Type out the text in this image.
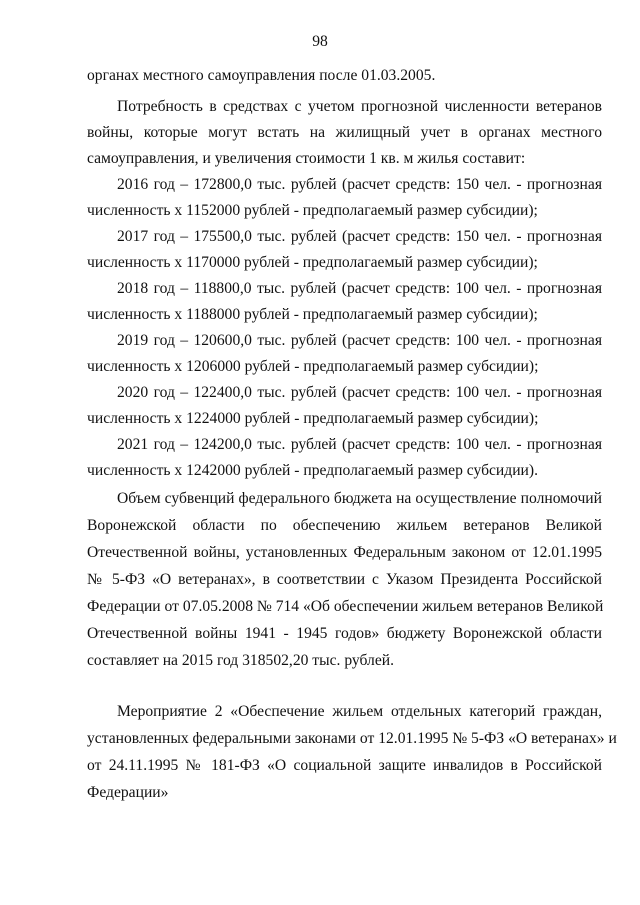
98
органах местного самоуправления после 01.03.2005.
Потребность в средствах с учетом прогнозной численности ветеранов
войны, которые могут встать на жилищный учет в органах местного
самоуправления, и увеличения стоимости 1 кв. м жилья составит:
2016 год – 172800,0 тыс. рублей (расчет средств: 150 чел. - прогнозная
численность х 1152000 рублей - предполагаемый размер субсидии);
2017 год – 175500,0 тыс. рублей (расчет средств: 150 чел. - прогнозная
численность х 1170000 рублей - предполагаемый размер субсидии);
2018 год – 118800,0 тыс. рублей (расчет средств: 100 чел. - прогнозная
численность х 1188000 рублей - предполагаемый размер субсидии);
2019 год – 120600,0 тыс. рублей (расчет средств: 100 чел. - прогнозная
численность х 1206000 рублей - предполагаемый размер субсидии);
2020 год – 122400,0 тыс. рублей (расчет средств: 100 чел. - прогнозная
численность х 1224000 рублей - предполагаемый размер субсидии);
2021 год – 124200,0 тыс. рублей (расчет средств: 100 чел. - прогнозная
численность х 1242000 рублей - предполагаемый размер субсидии).
Объем субвенций федерального бюджета на осуществление полномочий
Воронежской области по обеспечению жильем ветеранов Великой
Отечественной войны, установленных Федеральным законом от 12.01.1995
№ 5-ФЗ «О ветеранах», в соответствии с Указом Президента Российской
Федерации от 07.05.2008 № 714 «Об обеспечении жильем ветеранов Великой
Отечественной войны 1941 - 1945 годов» бюджету Воронежской области
составляет на 2015 год 318502,20 тыс. рублей.
Мероприятие 2 «Обеспечение жильем отдельных категорий граждан,
установленных федеральными законами от 12.01.1995 № 5-ФЗ «О ветеранах» и
от 24.11.1995 № 181-ФЗ «О социальной защите инвалидов в Российской
Федерации»
